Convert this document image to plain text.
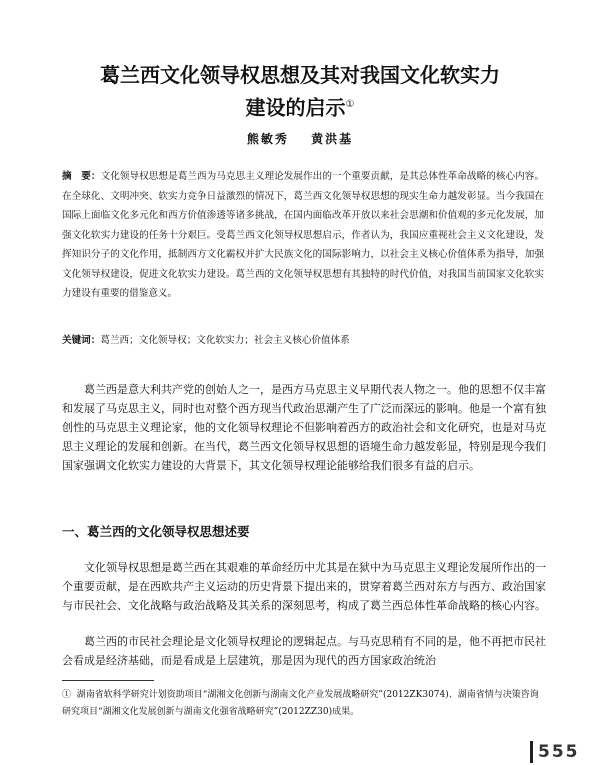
葛兰西文化领导权思想及其对我国文化软实力
建设的启示①
熊敏秀 黄洪基

摘　要：文化领导权思想是葛兰西为马克思主义理论发展作出的一个重要贡献，是其总体性革命战略的核心内容。在全球化、文明冲突、软实力竞争日益激烈的情况下，葛兰西文化领导权思想的现实生命力越发彰显。当今我国在国际上面临文化多元化和西方价值渗透等诸多挑战，在国内面临改革开放以来社会思潮和价值观的多元化发展，加强文化软实力建设的任务十分艰巨。受葛兰西文化领导权思想启示，作者认为，我国应重视社会主义文化建设，发挥知识分子的文化作用，抵制西方文化霸权并扩大民族文化的国际影响力，以社会主义核心价值体系为指导，加强文化领导权建设，促进文化软实力建设。葛兰西的文化领导权思想有其独特的时代价值，对我国当前国家文化软实力建设有重要的借鉴意义。

关键词：葛兰西；文化领导权；文化软实力；社会主义核心价值体系

葛兰西是意大利共产党的创始人之一，是西方马克思主义早期代表人物之一。他的思想不仅丰富和发展了马克思主义，同时也对整个西方现当代政治思潮产生了广泛而深远的影响。他是一个富有独创性的马克思主义理论家，他的文化领导权理论不但影响着西方的政治社会和文化研究，也是对马克思主义理论的发展和创新。在当代，葛兰西文化领导权思想的语境生命力越发彰显，特别是现今我们国家强调文化软实力建设的大背景下，其文化领导权理论能够给我们很多有益的启示。

一、葛兰西的文化领导权思想述要

文化领导权思想是葛兰西在其艰难的革命经历中尤其是在狱中为马克思主义理论发展所作出的一个重要贡献，是在西欧共产主义运动的历史背景下提出来的，贯穿着葛兰西对东方与西方、政治国家与市民社会、文化战略与政治战略及其关系的深刻思考，构成了葛兰西总体性革命战略的核心内容。

葛兰西的市民社会理论是文化领导权理论的逻辑起点。与马克思稍有不同的是，他不再把市民社会看成是经济基础，而是看成是上层建筑，那是因为现代的西方国家政治统治

① 湖南省软科学研究计划资助项目“湖湘文化创新与湖南文化产业发展战略研究”(2012ZK3074)、湖南省情与决策咨询研究项目“湖湘文化发展创新与湖南文化强省战略研究”(2012ZZ30)成果。

555
